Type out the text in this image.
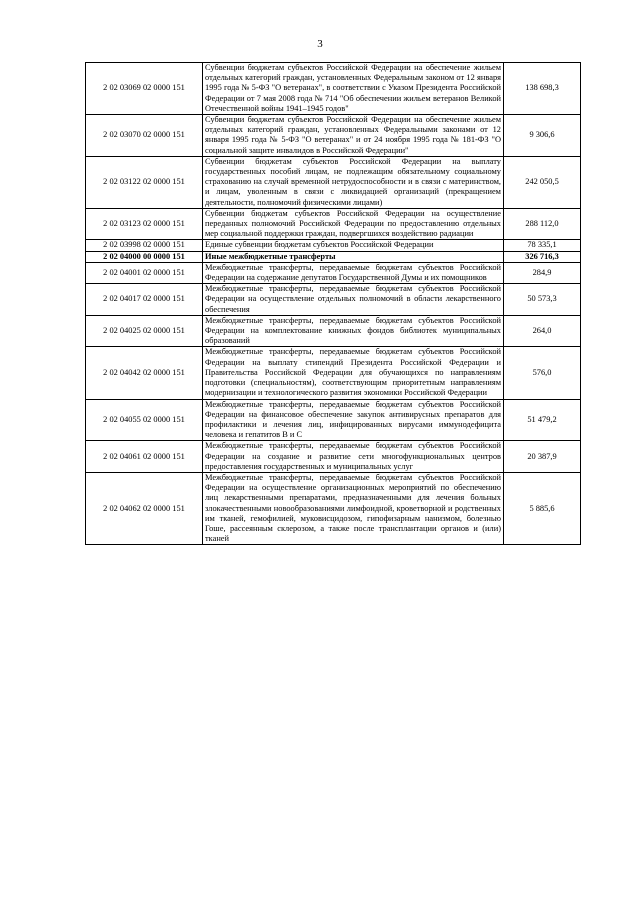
3
2 02 03069 02 0000 151	Субвенции бюджетам субъектов Российской Федерации на обеспечение жильем отдельных категорий граждан, установленных Федеральным законом от 12 января 1995 года № 5-ФЗ "О ветеранах", в соответствии с Указом Президента Российской Федерации от 7 мая 2008 года № 714 "Об обеспечении жильем ветеранов Великой Отечественной войны 1941–1945 годов"	138 698,3
2 02 03070 02 0000 151	Субвенции бюджетам субъектов Российской Федерации на обеспечение жильем отдельных категорий граждан, установленных Федеральными законами от 12 января 1995 года № 5-ФЗ "О ветеранах" и от 24 ноября 1995 года № 181-ФЗ "О социальной защите инвалидов в Российской Федерации"	9 306,6
2 02 03122 02 0000 151	Субвенции бюджетам субъектов Российской Федерации на выплату государственных пособий лицам, не подлежащим обязательному социальному страхованию на случай временной нетрудоспособности и в связи с материнством, и лицам, уволенным в связи с ликвидацией организаций (прекращением деятельности, полномочий физическими лицами)	242 050,5
2 02 03123 02 0000 151	Субвенции бюджетам субъектов Российской Федерации на осуществление переданных полномочий Российской Федерации по предоставлению отдельных мер социальной поддержки граждан, подвергшихся воздействию радиации	288 112,0
2 02 03998 02 0000 151	Единые субвенции бюджетам субъектов Российской Федерации	78 335,1
2 02 04000 00 0000 151	Иные межбюджетные трансферты	326 716,3
2 02 04001 02 0000 151	Межбюджетные трансферты, передаваемые бюджетам субъектов Российской Федерации на содержание депутатов Государственной Думы и их помощников	284,9
2 02 04017 02 0000 151	Межбюджетные трансферты, передаваемые бюджетам субъектов Российской Федерации на осуществление отдельных полномочий в области лекарственного обеспечения	50 573,3
2 02 04025 02 0000 151	Межбюджетные трансферты, передаваемые бюджетам субъектов Российской Федерации на комплектование книжных фондов библиотек муниципальных образований	264,0
2 02 04042 02 0000 151	Межбюджетные трансферты, передаваемые бюджетам субъектов Российской Федерации на выплату стипендий Президента Российской Федерации и Правительства Российской Федерации для обучающихся по направлениям подготовки (специальностям), соответствующим приоритетным направлениям модернизации и технологического развития экономики Российской Федерации	576,0
2 02 04055 02 0000 151	Межбюджетные трансферты, передаваемые бюджетам субъектов Российской Федерации на финансовое обеспечение закупок антивирусных препаратов для профилактики и лечения лиц, инфицированных вирусами иммунодефицита человека и гепатитов В и С	51 479,2
2 02 04061 02 0000 151	Межбюджетные трансферты, передаваемые бюджетам субъектов Российской Федерации на создание и развитие сети многофункциональных центров предоставления государственных и муниципальных услуг	20 387,9
2 02 04062 02 0000 151	Межбюджетные трансферты, передаваемые бюджетам субъектов Российской Федерации на осуществление организационных мероприятий по обеспечению лиц лекарственными препаратами, предназначенными для лечения больных злокачественными новообразованиями лимфоидной, кроветворной и родственных им тканей, гемофилией, муковисцидозом, гипофизарным нанизмом, болезнью Гоше, рассеянным склерозом, а также после трансплантации органов и (или) тканей	5 885,6
